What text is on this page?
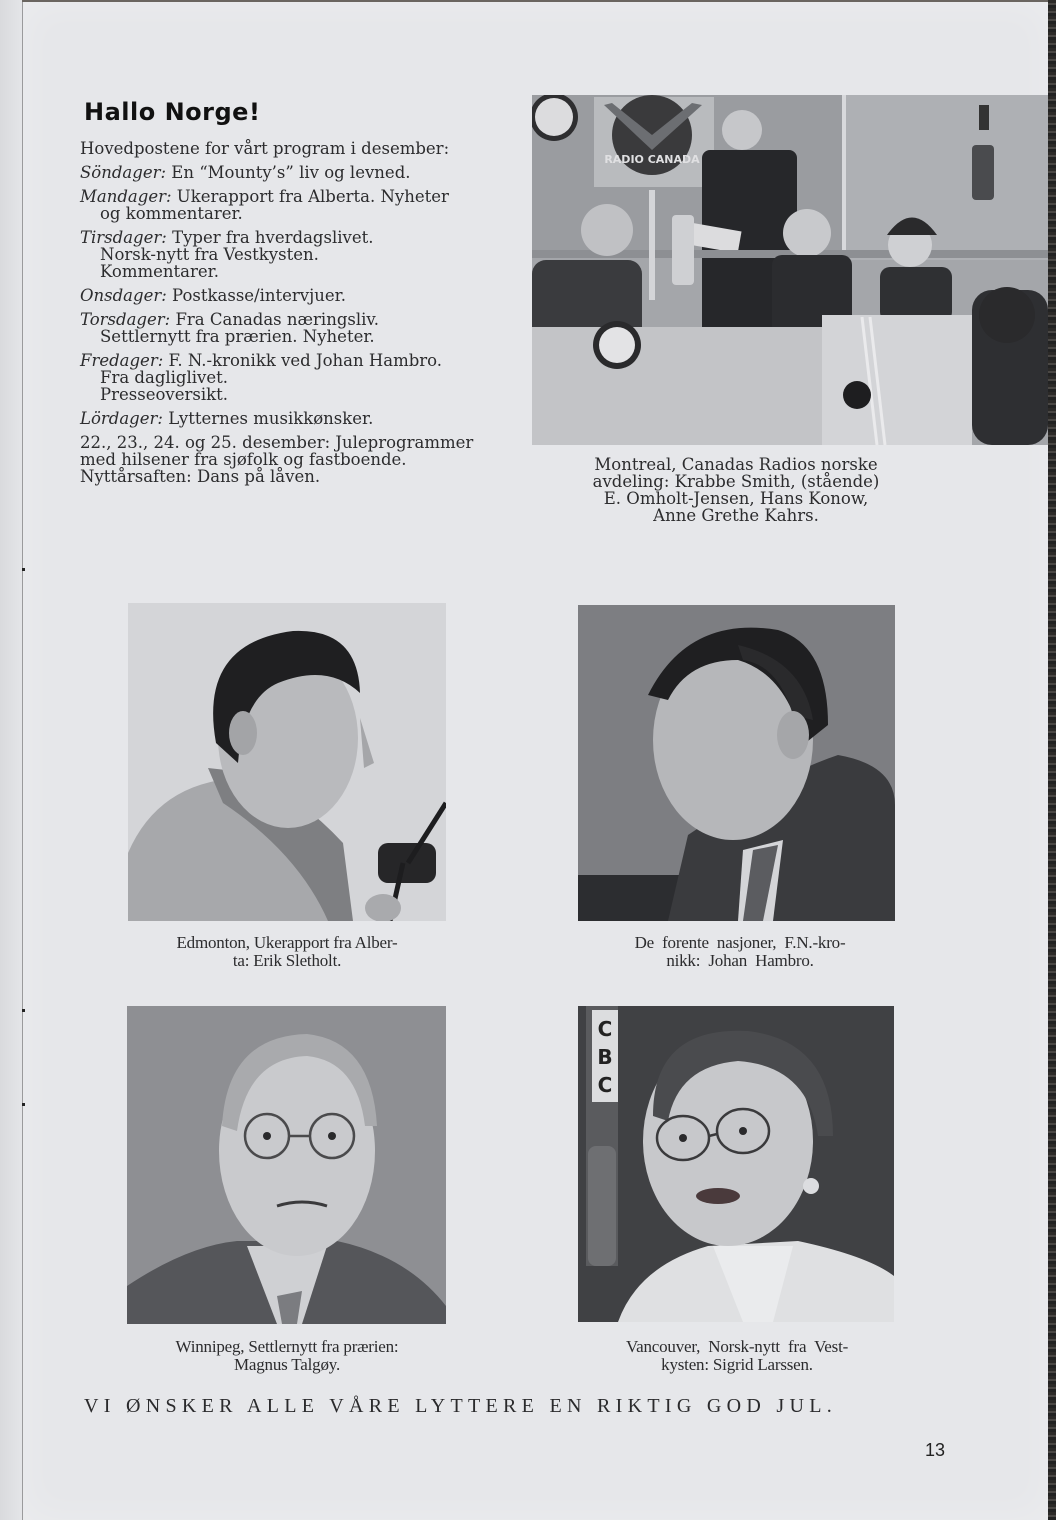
Hallo Norge!

Hovedpostene for vårt program i desember:

Söndager: En “Mounty’s” liv og levned.

Mandager: Ukerapport fra Alberta. Nyheter
og kommentarer.

Tirsdager: Typer fra hverdagslivet.
Norsk-nytt fra Vestkysten.
Kommentarer.

Onsdager: Postkasse/intervjuer.

Torsdager: Fra Canadas næringsliv.
Settlernytt fra prærien. Nyheter.

Fredager: F. N.-kronikk ved Johan Hambro.
Fra dagliglivet.
Presseoversikt.

Lördager: Lytternes musikkønsker.

22., 23., 24. og 25. desember: Juleprogrammer
med hilsener fra sjøfolk og fastboende.
Nyttårsaften: Dans på låven.

RADIO CANADA
Montreal, Canadas Radios norske
avdeling: Krabbe Smith, (stående)
E. Omholt-Jensen, Hans Konow,
Anne Grethe Kahrs.
Edmonton, Ukerapport fra Alber-
ta: Erik Sletholt.
De  forente  nasjoner,  F.N.-kro-
nikk:  Johan  Hambro.
Winnipeg, Settlernytt fra prærien:
Magnus Talgøy.
C
B
C
Vancouver,  Norsk-nytt  fra  Vest-
kysten: Sigrid Larssen.
VI ØNSKER ALLE VÅRE LYTTERE EN RIKTIG GOD JUL.
13
